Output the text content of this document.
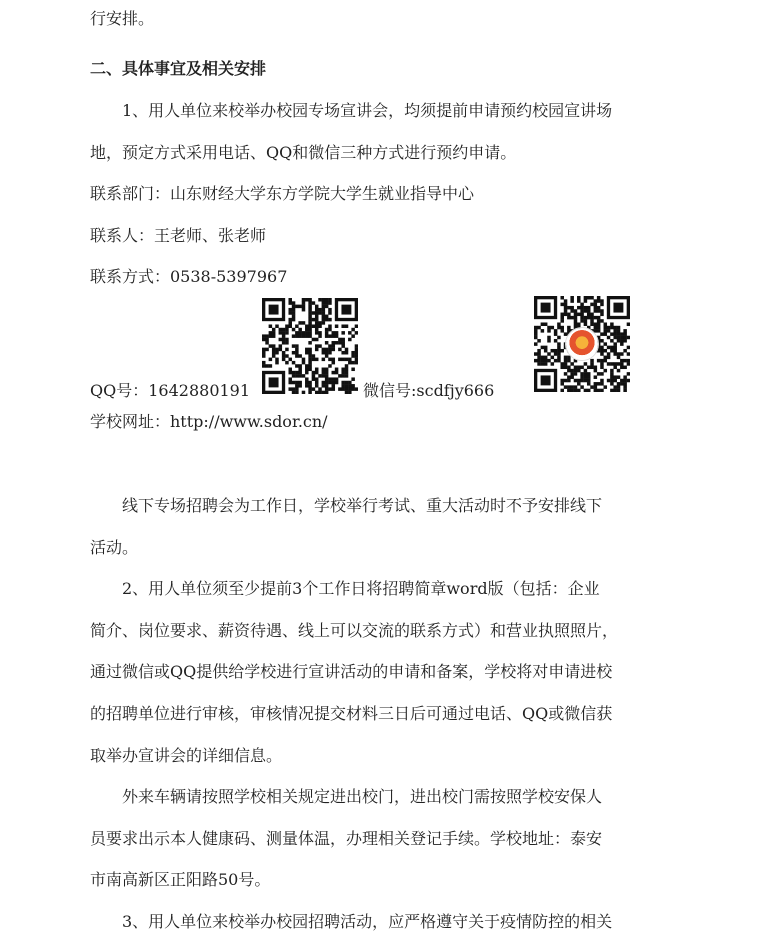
行安排。
二、具体事宜及相关安排
1、用人单位来校举办校园专场宣讲会，均须提前申请预约校园宣讲场
地，预定方式采用电话、QQ和微信三种方式进行预约申请。
联系部门：山东财经大学东方学院大学生就业指导中心
联系人：王老师、张老师
联系方式：0538-5397967
QQ号：1642880191	微信号:scdfjy666
学校网址：http://www.sdor.cn/
线下专场招聘会为工作日，学校举行考试、重大活动时不予安排线下
活动。
2、用人单位须至少提前3个工作日将招聘简章word版（包括：企业
简介、岗位要求、薪资待遇、线上可以交流的联系方式）和营业执照照片，
通过微信或QQ提供给学校进行宣讲活动的申请和备案，学校将对申请进校
的招聘单位进行审核，审核情况提交材料三日后可通过电话、QQ或微信获
取举办宣讲会的详细信息。
外来车辆请按照学校相关规定进出校门，进出校门需按照学校安保人
员要求出示本人健康码、测量体温，办理相关登记手续。学校地址：泰安
市南高新区正阳路50号。
3、用人单位来校举办校园招聘活动，应严格遵守关于疫情防控的相关
